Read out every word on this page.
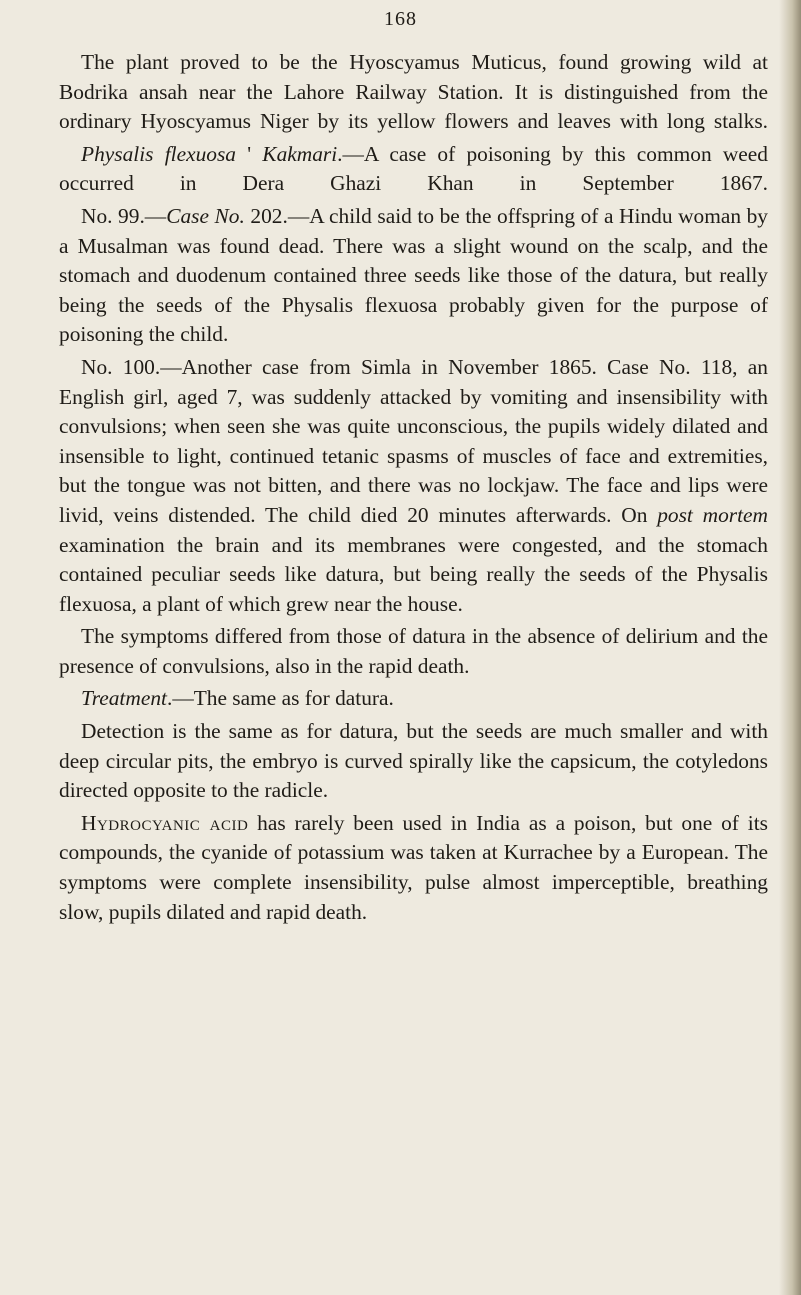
168

The plant proved to be the Hyoscyamus Muticus, found growing wild at Bodrika ansah near the Lahore Railway Station. It is distinguished from the ordinary Hyoscyamus Niger by its yellow flowers and leaves with long stalks.

Physalis flexuosa ' Kakmari.—A case of poisoning by this common weed occurred in Dera Ghazi Khan in September 1867.

No. 99.—Case No. 202.—A child said to be the offspring of a Hindu woman by a Musalman was found dead. There was a slight wound on the scalp, and the stomach and duodenum contained three seeds like those of the datura, but really being the seeds of the Physalis flexuosa probably given for the purpose of poisoning the child.

No. 100.—Another case from Simla in November 1865. Case No. 118, an English girl, aged 7, was suddenly attacked by vomiting and insensibility with convulsions; when seen she was quite unconscious, the pupils widely dilated and insensible to light, continued tetanic spasms of muscles of face and extremities, but the tongue was not bitten, and there was no lockjaw. The face and lips were livid, veins distended. The child died 20 minutes afterwards. On post mortem examination the brain and its membranes were congested, and the stomach contained peculiar seeds like datura, but being really the seeds of the Physalis flexuosa, a plant of which grew near the house.

The symptoms differed from those of datura in the absence of delirium and the presence of convulsions, also in the rapid death.

Treatment.—The same as for datura.

Detection is the same as for datura, but the seeds are much smaller and with deep circular pits, the embryo is curved spirally like the capsicum, the cotyledons directed opposite to the radicle.

Hydrocyanic acid has rarely been used in India as a poison, but one of its compounds, the cyanide of potassium was taken at Kurrachee by a European. The symptoms were complete insensibility, pulse almost imperceptible, breathing slow, pupils dilated and rapid death.
